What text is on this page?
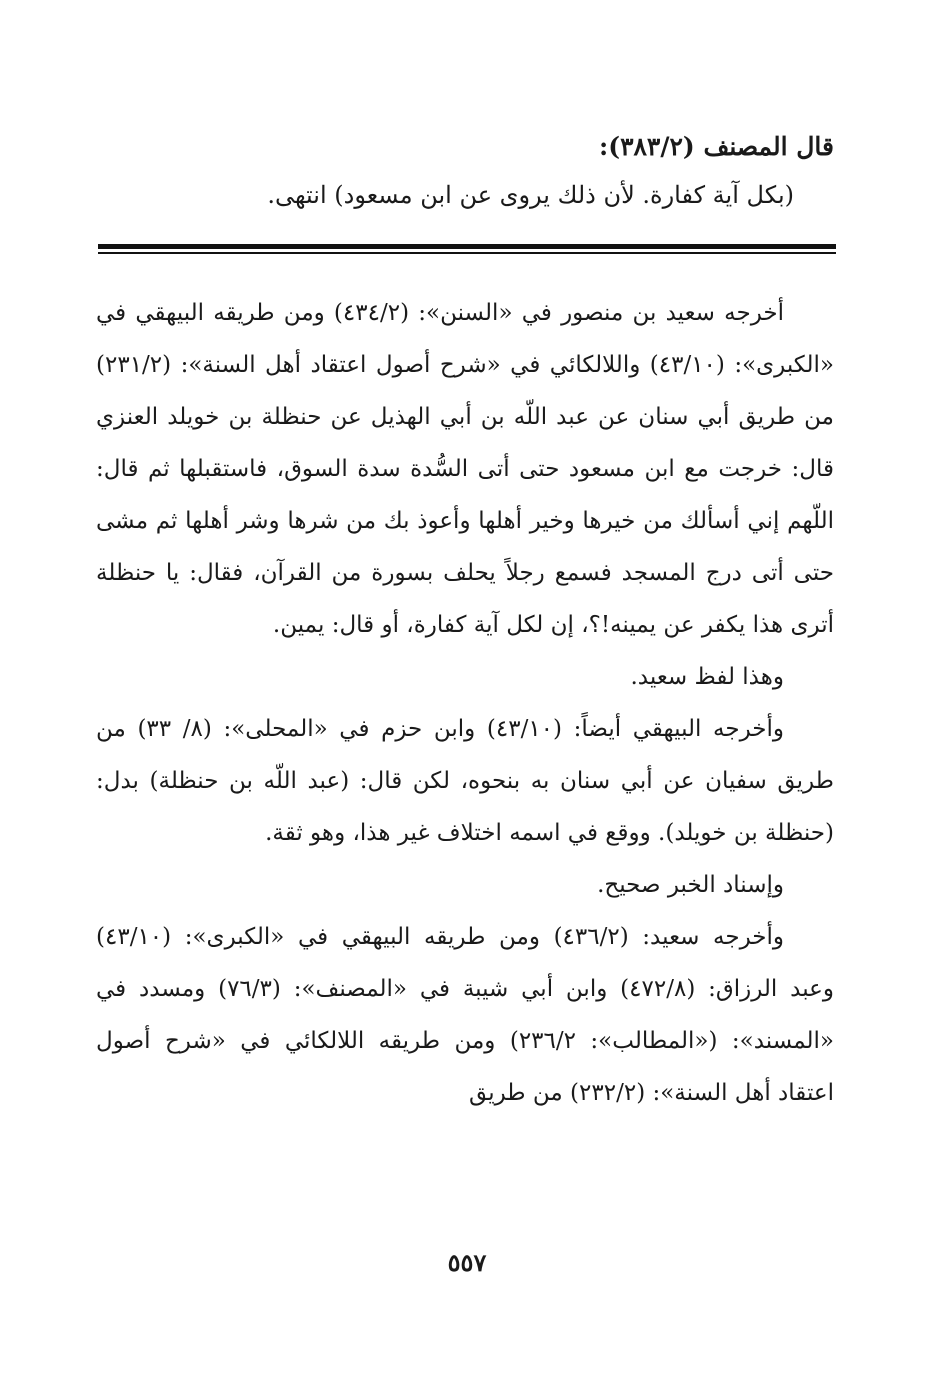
قال المصنف (٣٨٣/٢):
(بكل آية كفارة. لأن ذلك يروى عن ابن مسعود) انتهى.

أخرجه سعيد بن منصور في «السنن»: (٤٣٤/٢) ومن طريقه البيهقي في «الكبرى»: (٤٣/١٠) واللالكائي في «شرح أصول اعتقاد أهل السنة»: (٢٣١/٢) من طريق أبي سنان عن عبد اللّه بن أبي الهذيل عن حنظلة بن خويلد العنزي قال: خرجت مع ابن مسعود حتى أتى السُّدة سدة السوق، فاستقبلها ثم قال: اللّهم إني أسألك من خيرها وخير أهلها وأعوذ بك من شرها وشر أهلها ثم مشى حتى أتى درج المسجد فسمع رجلاً يحلف بسورة من القرآن، فقال: يا حنظلة أترى هذا يكفر عن يمينه!؟، إن لكل آية كفارة، أو قال: يمين.

وهذا لفظ سعيد.

وأخرجه البيهقي أيضاً: (٤٣/١٠) وابن حزم في «المحلى»: (٨/ ٣٣) من طريق سفيان عن أبي سنان به بنحوه، لكن قال: (عبد اللّه بن حنظلة) بدل: (حنظلة بن خويلد). ووقع في اسمه اختلاف غير هذا، وهو ثقة.

وإسناد الخبر صحيح.

وأخرجه سعيد: (٤٣٦/٢) ومن طريقه البيهقي في «الكبرى»: (٤٣/١٠) وعبد الرزاق: (٤٧٢/٨) وابن أبي شيبة في «المصنف»: (٧٦/٣) ومسدد في «المسند»: («المطالب»: ٢٣٦/٢) ومن طريقه اللالكائي في «شرح أصول اعتقاد أهل السنة»: (٢٣٢/٢) من طريق

٥٥٧
